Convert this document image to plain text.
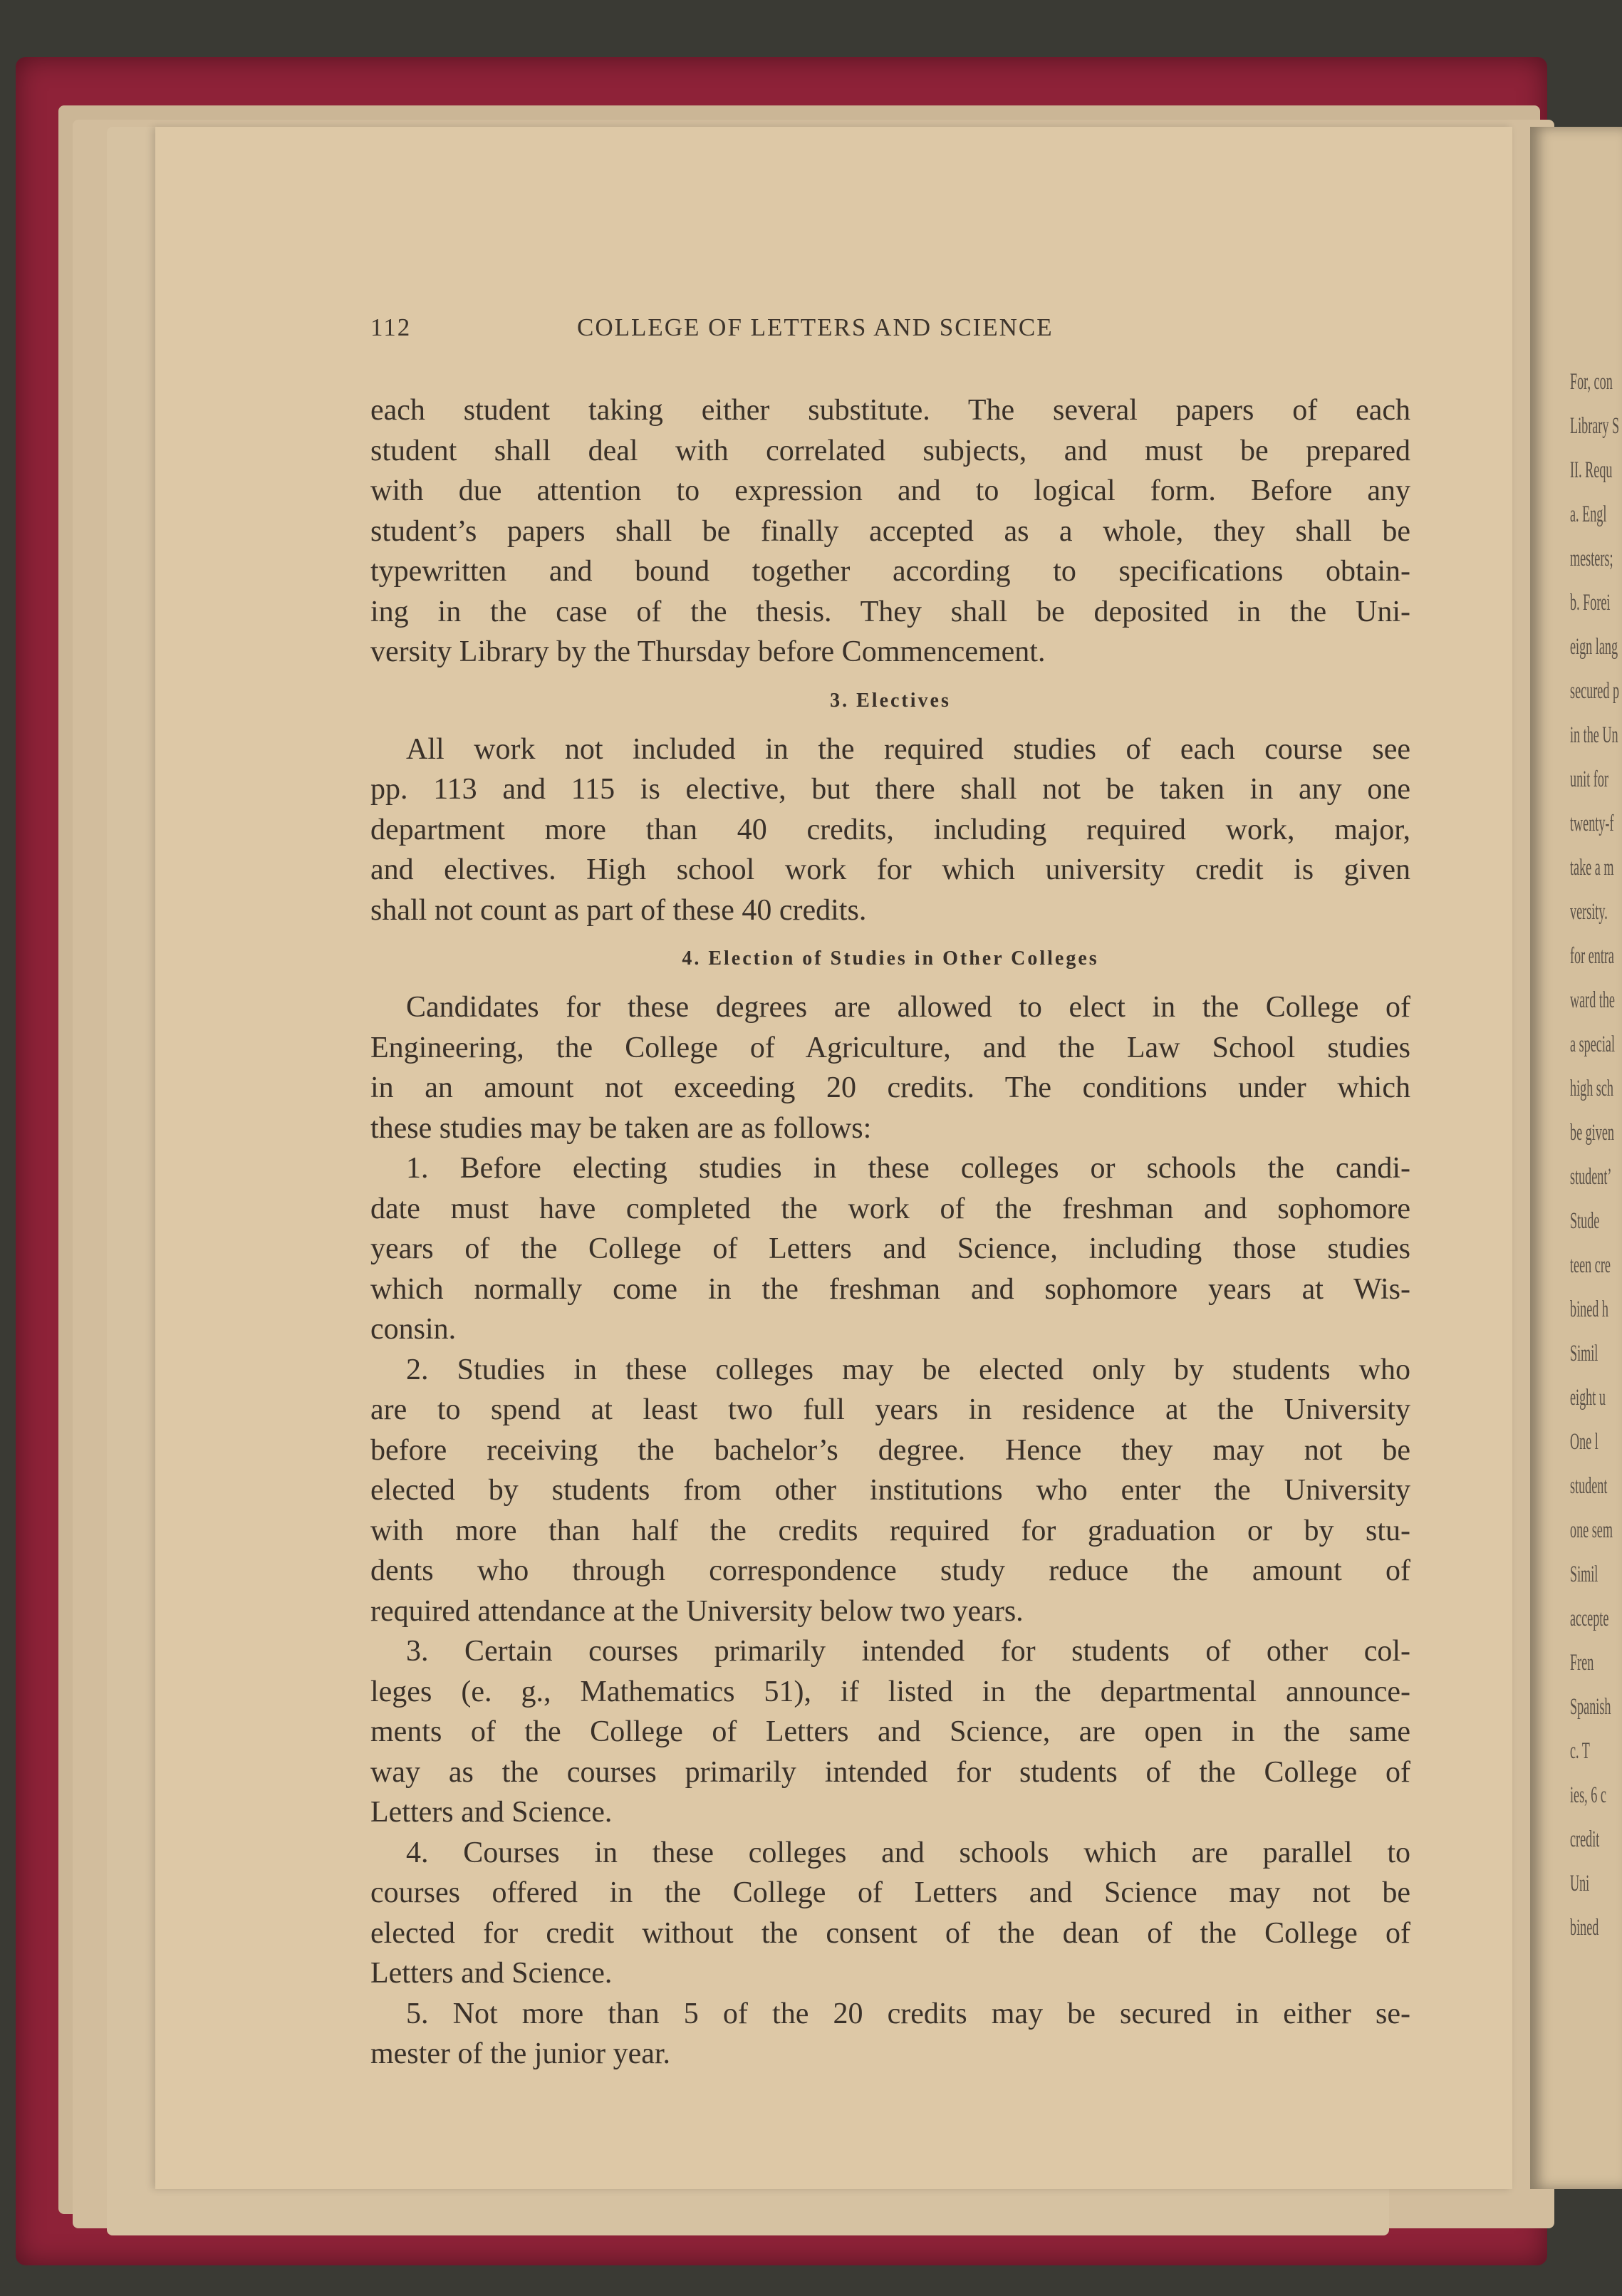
For, con
Library S
II. Requ
a. Engl
mesters;
b. Forei
eign lang
secured p
in the Un
unit for
twenty-f
take a m
versity.
for entra
ward the
a special
high sch
be given
student’
Stude
teen cre
bined h
Simil
eight u
One l
student
one sem
Simil
accepte
Fren
Spanish
c. T
ies, 6 c
credit
Uni
bined
112	COLLEGE OF LETTERS AND SCIENCE
each student taking either substitute. The several papers of each
student shall deal with correlated subjects, and must be prepared
with due attention to expression and to logical form. Before any
student’s papers shall be finally accepted as a whole, they shall be
typewritten and bound together according to specifications obtain-
ing in the case of the thesis. They shall be deposited in the Uni-
versity Library by the Thursday before Commencement.
3. Electives
All work not included in the required studies of each course see
pp. 113 and 115 is elective, but there shall not be taken in any one
department more than 40 credits, including required work, major,
and electives. High school work for which university credit is given
shall not count as part of these 40 credits.
4. Election of Studies in Other Colleges
Candidates for these degrees are allowed to elect in the College of
Engineering, the College of Agriculture, and the Law School studies
in an amount not exceeding 20 credits. The conditions under which
these studies may be taken are as follows:
1. Before electing studies in these colleges or schools the candi-
date must have completed the work of the freshman and sophomore
years of the College of Letters and Science, including those studies
which normally come in the freshman and sophomore years at Wis-
consin.
2. Studies in these colleges may be elected only by students who
are to spend at least two full years in residence at the University
before receiving the bachelor’s degree. Hence they may not be
elected by students from other institutions who enter the University
with more than half the credits required for graduation or by stu-
dents who through correspondence study reduce the amount of
required attendance at the University below two years.
3. Certain courses primarily intended for students of other col-
leges (e. g., Mathematics 51), if listed in the departmental announce-
ments of the College of Letters and Science, are open in the same
way as the courses primarily intended for students of the College of
Letters and Science.
4. Courses in these colleges and schools which are parallel to
courses offered in the College of Letters and Science may not be
elected for credit without the consent of the dean of the College of
Letters and Science.
5. Not more than 5 of the 20 credits may be secured in either se-
mester of the junior year.
